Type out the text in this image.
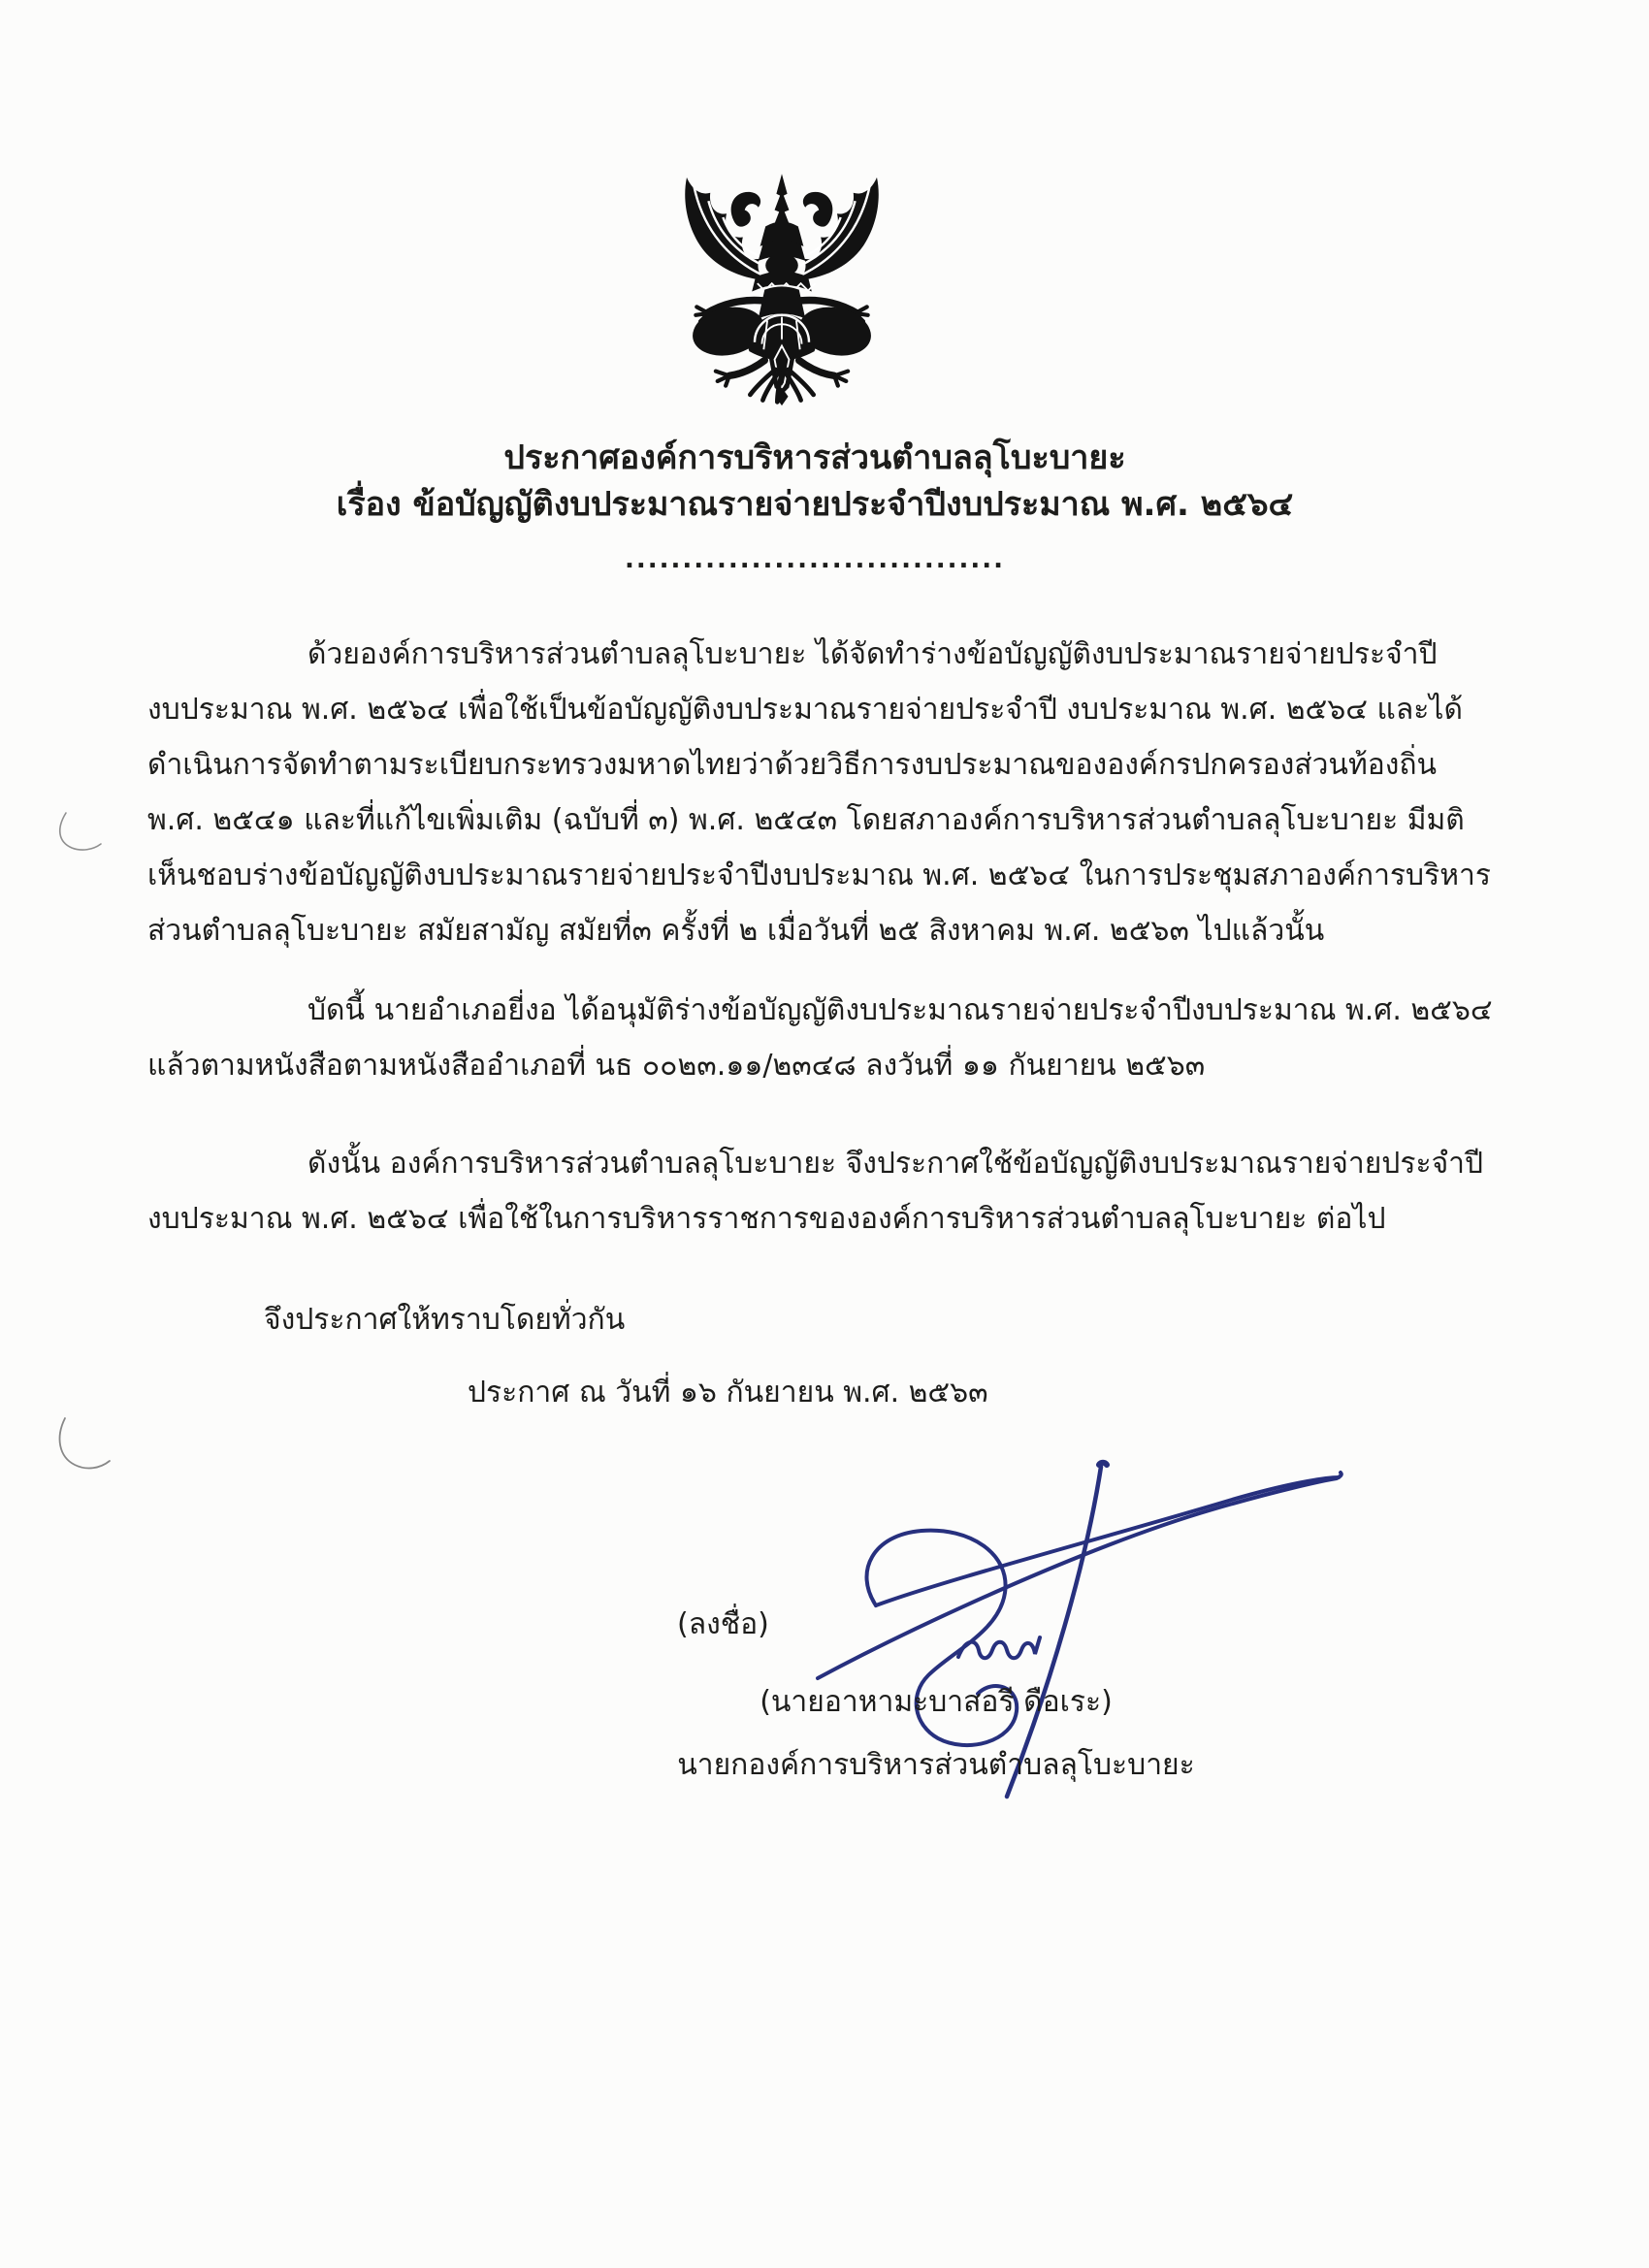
ประกาศองค์การบริหารส่วนตำบลลุโบะบายะ
เรื่อง ข้อบัญญัติงบประมาณรายจ่ายประจำปีงบประมาณ พ.ศ. ๒๕๖๔
.................................
ด้วยองค์การบริหารส่วนตำบลลุโบะบายะ ได้จัดทำร่างข้อบัญญัติงบประมาณรายจ่ายประจำปี
งบประมาณ พ.ศ. ๒๕๖๔ เพื่อใช้เป็นข้อบัญญัติงบประมาณรายจ่ายประจำปี งบประมาณ พ.ศ. ๒๕๖๔ และได้
ดำเนินการจัดทำตามระเบียบกระทรวงมหาดไทยว่าด้วยวิธีการงบประมาณขององค์กรปกครองส่วนท้องถิ่น
พ.ศ. ๒๕๔๑ และที่แก้ไขเพิ่มเติม (ฉบับที่ ๓) พ.ศ. ๒๕๔๓ โดยสภาองค์การบริหารส่วนตำบลลุโบะบายะ มีมติ
เห็นชอบร่างข้อบัญญัติงบประมาณรายจ่ายประจำปีงบประมาณ พ.ศ. ๒๕๖๔ ในการประชุมสภาองค์การบริหาร
ส่วนตำบลลุโบะบายะ สมัยสามัญ สมัยที่๓ ครั้งที่ ๒ เมื่อวันที่ ๒๕ สิงหาคม พ.ศ. ๒๕๖๓ ไปแล้วนั้น
บัดนี้ นายอำเภอยี่งอ ได้อนุมัติร่างข้อบัญญัติงบประมาณรายจ่ายประจำปีงบประมาณ พ.ศ. ๒๕๖๔
แล้วตามหนังสือตามหนังสืออำเภอที่ นธ ๐๐๒๓.๑๑/๒๓๔๘ ลงวันที่ ๑๑ กันยายน ๒๕๖๓
ดังนั้น องค์การบริหารส่วนตำบลลุโบะบายะ จึงประกาศใช้ข้อบัญญัติงบประมาณรายจ่ายประจำปี
งบประมาณ พ.ศ. ๒๕๖๔ เพื่อใช้ในการบริหารราชการขององค์การบริหารส่วนตำบลลุโบะบายะ ต่อไป
จึงประกาศให้ทราบโดยทั่วกัน
ประกาศ ณ วันที่ ๑๖ กันยายน พ.ศ. ๒๕๖๓
(ลงชื่อ)
(นายอาหามะบาสอรี ดือเระ)
นายกองค์การบริหารส่วนตำบลลุโบะบายะ
